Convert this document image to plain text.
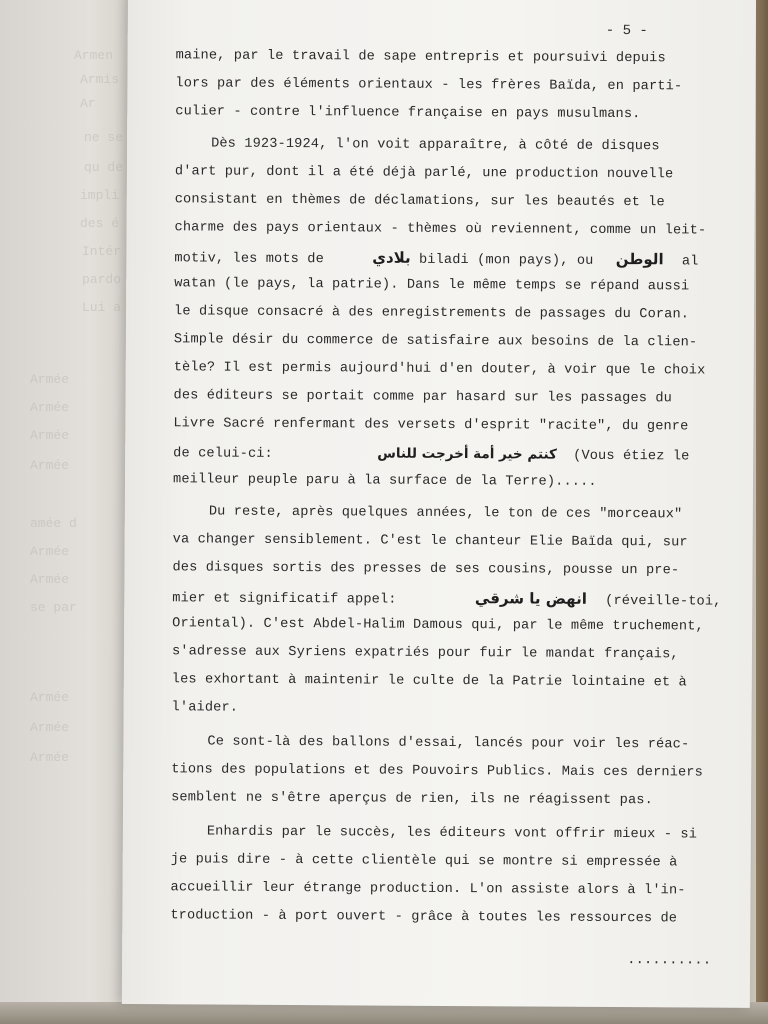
Armen
Armis
Ar
ne se
qu de
impli
des é
Intér
pardo
Lui a
Armée
Armée
Armée
Armée
amée d
Armée
Armée
se par
Armée
Armée
Armée
- 5 -
maine, par le travail de sape entrepris et poursuivi depuis
lors par des éléments orientaux - les frères Baïda, en parti-
culier - contre l'influence française en pays musulmans.
Dès 1923-1924, l'on voit apparaître, à côté de disques
d'art pur, dont il a été déjà parlé, une production nouvelle
consistant en thèmes de déclamations, sur les beautés et le
charme des pays orientaux - thèmes où reviennent, comme un leit-
motiv, les mots de	بلادي biladi (mon pays), ou الوطن al
watan (le pays, la patrie). Dans le même temps se répand aussi
le disque consacré à des enregistrements de passages du Coran.
Simple désir du commerce de satisfaire aux besoins de la clien-
tèle? Il est permis aujourd'hui d'en douter, à voir que le choix
des éditeurs se portait comme par hasard sur les passages du
Livre Sacré renfermant des versets d'esprit "racite", du genre
de celui-ci:	كنتم خير أمة أخرجت للناس (Vous étiez le
meilleur peuple paru à la surface de la Terre).....
Du reste, après quelques années, le ton de ces "morceaux"
va changer sensiblement. C'est le chanteur Elie Baïda qui, sur
des disques sortis des presses de ses cousins, pousse un pre-
mier et significatif appel:	انهض يا شرقي (réveille-toi,
Oriental). C'est Abdel-Halim Damous qui, par le même truchement,
s'adresse aux Syriens expatriés pour fuir le mandat français,
les exhortant à maintenir le culte de la Patrie lointaine et à
l'aider.
Ce sont-là des ballons d'essai, lancés pour voir les réac-
tions des populations et des Pouvoirs Publics. Mais ces derniers
semblent ne s'être aperçus de rien, ils ne réagissent pas.
Enhardis par le succès, les éditeurs vont offrir mieux - si
je puis dire - à cette clientèle qui se montre si empressée à
accueillir leur étrange production. L'on assiste alors à l'in-
troduction - à port ouvert - grâce à toutes les ressources de
..........
